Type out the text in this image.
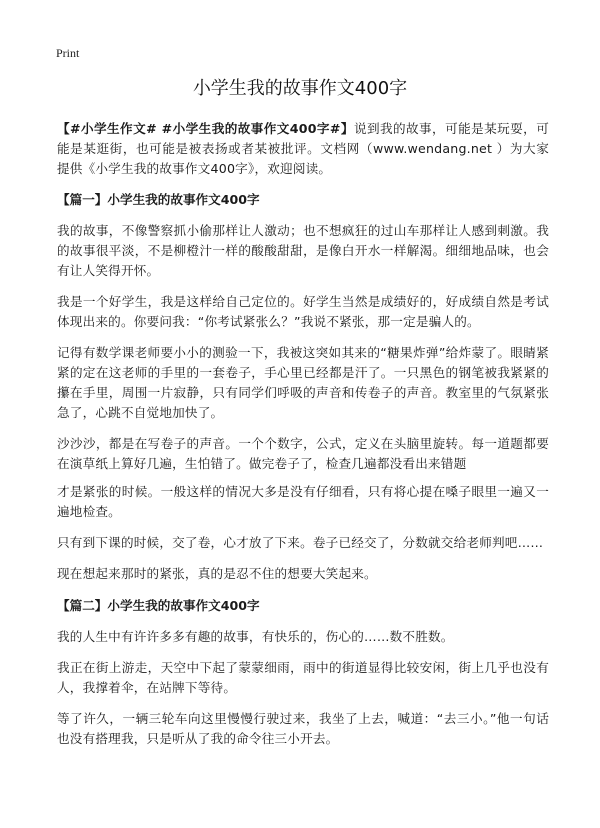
Print
小学生我的故事作文400字

【#小学生作文# #小学生我的故事作文400字#】说到我的故事，可能是某玩耍，可能是某逛街，也可能是被表扬或者某被批评。文档网（www.wendang.net ）为大家提供《小学生我的故事作文400字》，欢迎阅读。

【篇一】小学生我的故事作文400字

我的故事，不像警察抓小偷那样让人激动；也不想疯狂的过山车那样让人感到刺激。我的故事很平淡，不是柳橙汁一样的酸酸甜甜，是像白开水一样解渴。细细地品味，也会有让人笑得开怀。

我是一个好学生，我是这样给自己定位的。好学生当然是成绩好的，好成绩自然是考试体现出来的。你要问我：“你考试紧张么？”我说不紧张，那一定是骗人的。

记得有数学课老师要小小的测验一下，我被这突如其来的“糖果炸弹”给炸蒙了。眼睛紧紧的定在这老师的手里的一套卷子，手心里已经都是汗了。一只黑色的钢笔被我紧紧的攥在手里，周围一片寂静，只有同学们呼吸的声音和传卷子的声音。教室里的气氛紧张急了，心跳不自觉地加快了。

沙沙沙，都是在写卷子的声音。一个个数字，公式，定义在头脑里旋转。每一道题都要在演草纸上算好几遍，生怕错了。做完卷子了，检查几遍都没看出来错题

才是紧张的时候。一般这样的情况大多是没有仔细看，只有将心提在嗓子眼里一遍又一遍地检查。

只有到下课的时候，交了卷，心才放了下来。卷子已经交了，分数就交给老师判吧……

现在想起来那时的紧张，真的是忍不住的想要大笑起来。

【篇二】小学生我的故事作文400字

我的人生中有许许多多有趣的故事，有快乐的，伤心的……数不胜数。

我正在街上游走，天空中下起了蒙蒙细雨，雨中的街道显得比较安闲，街上几乎也没有人，我撑着伞，在站牌下等待。

等了许久，一辆三轮车向这里慢慢行驶过来，我坐了上去，喊道：“去三小。”他一句话也没有搭理我，只是听从了我的命令往三小开去。
